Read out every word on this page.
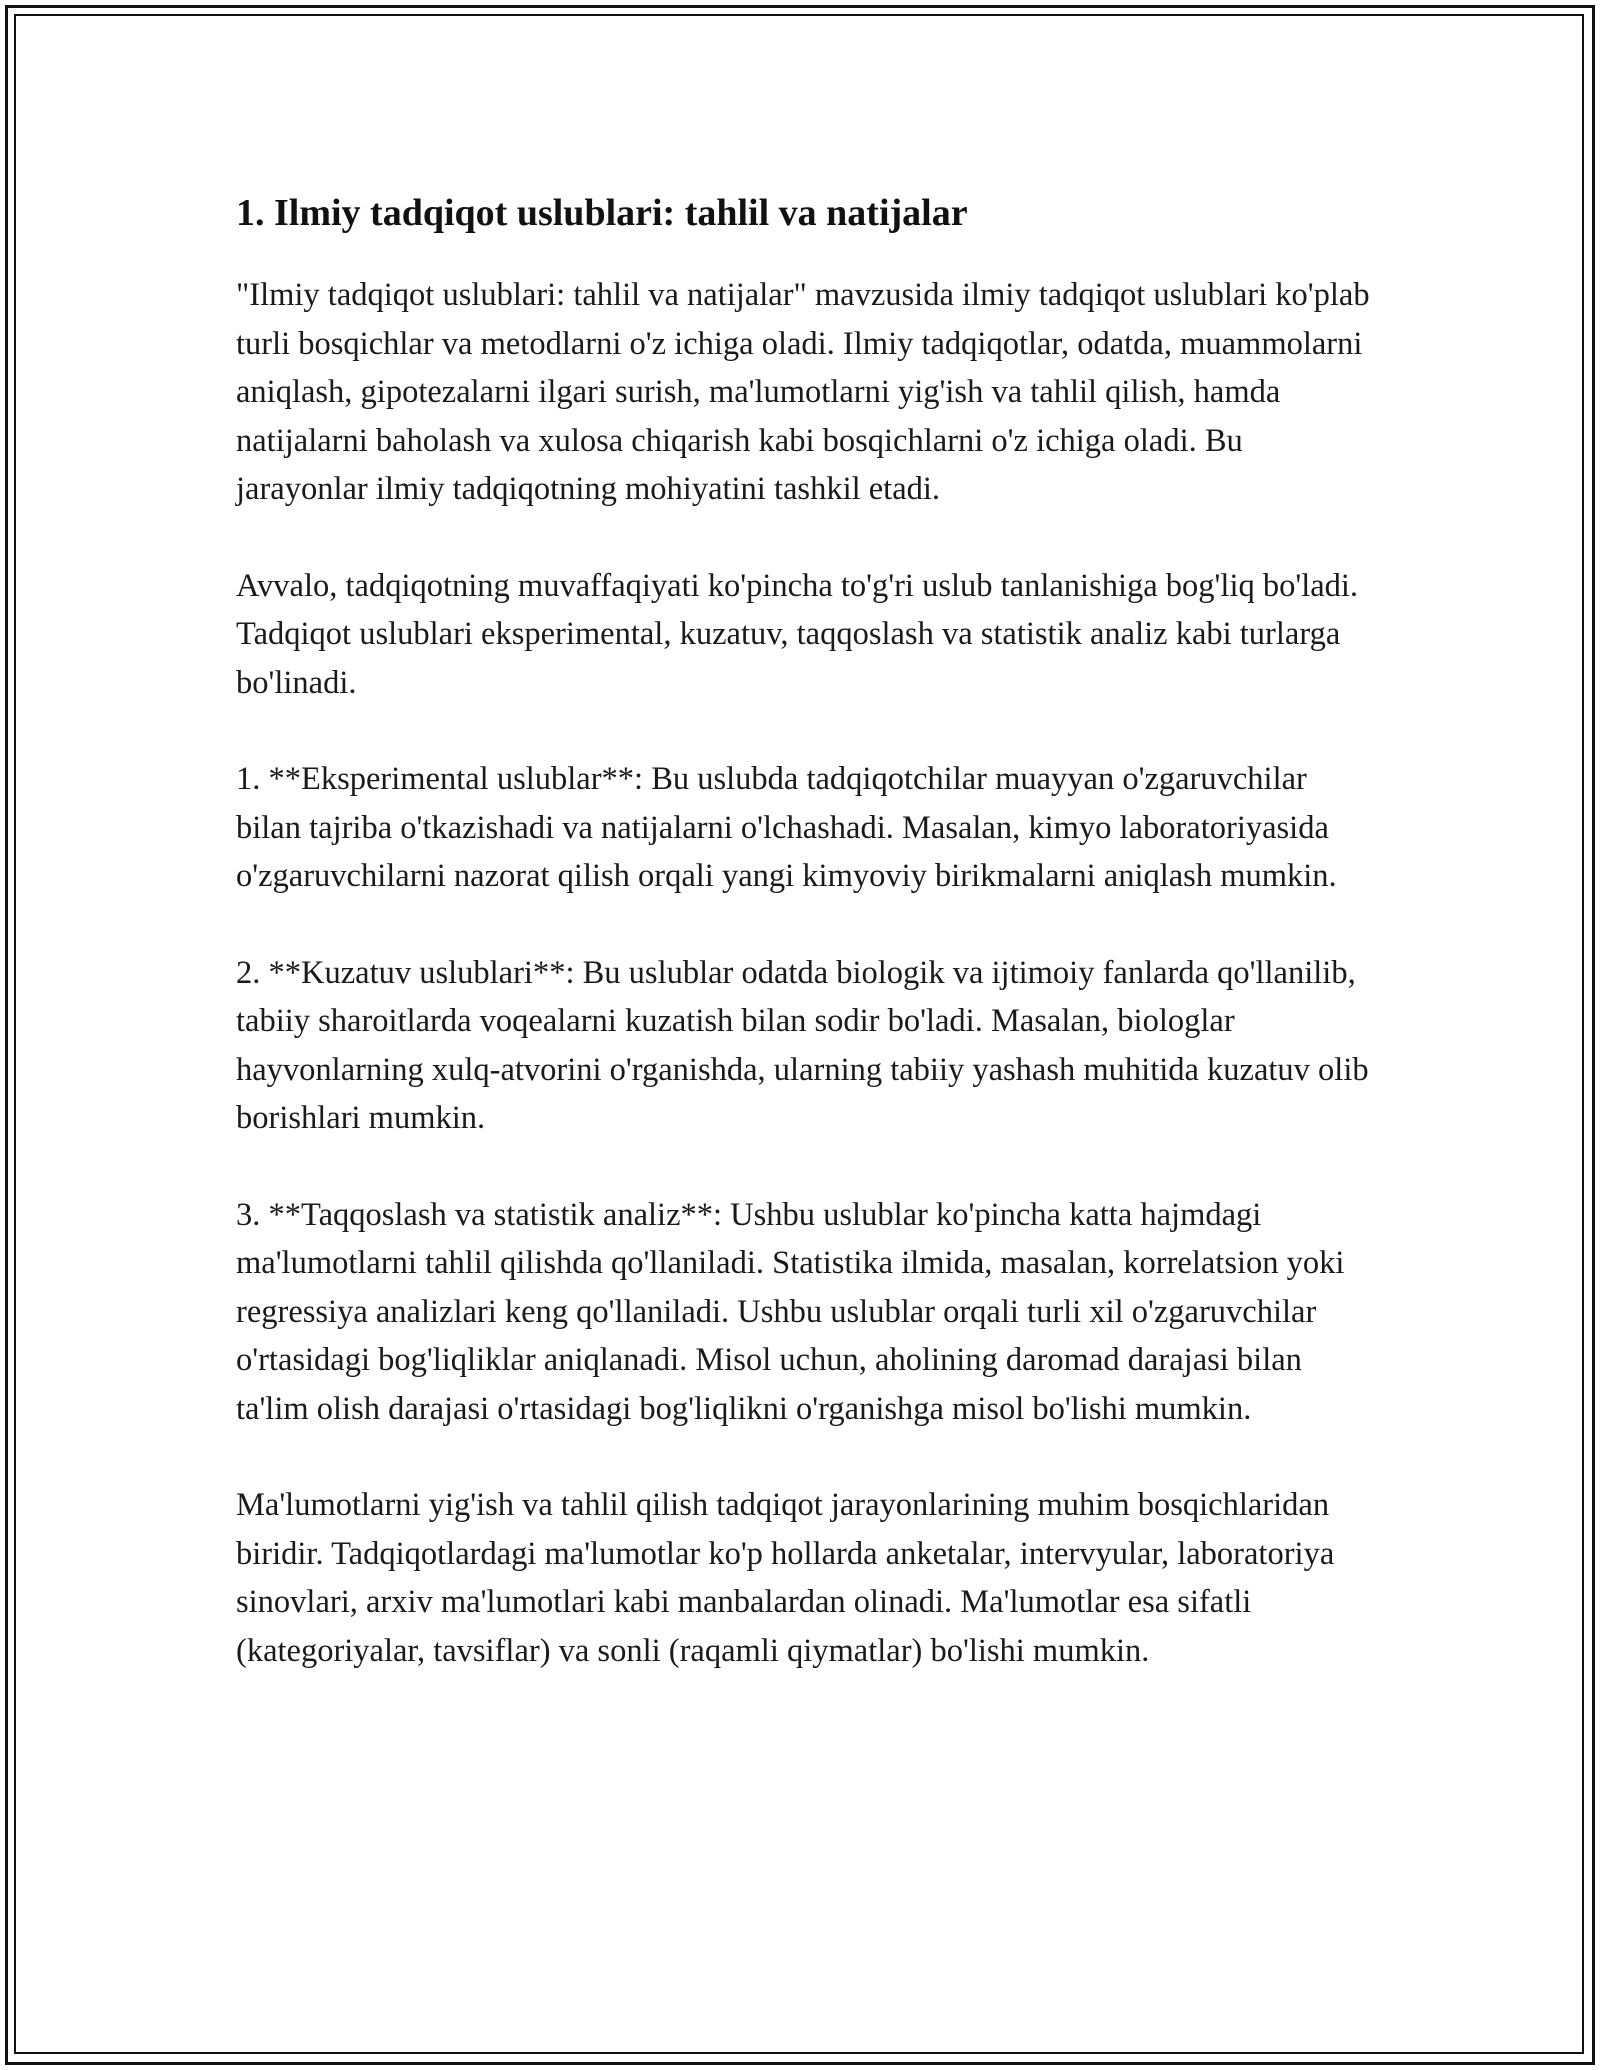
1. Ilmiy tadqiqot uslublari: tahlil va natijalar

"Ilmiy tadqiqot uslublari: tahlil va natijalar" mavzusida ilmiy tadqiqot uslublari ko'plab turli bosqichlar va metodlarni o'z ichiga oladi. Ilmiy tadqiqotlar, odatda, muammolarni aniqlash, gipotezalarni ilgari surish, ma'lumotlarni yig'ish va tahlil qilish, hamda natijalarni baholash va xulosa chiqarish kabi bosqichlarni o'z ichiga oladi. Bu jarayonlar ilmiy tadqiqotning mohiyatini tashkil etadi.

Avvalo, tadqiqotning muvaffaqiyati ko'pincha to'g'ri uslub tanlanishiga bog'liq bo'ladi. Tadqiqot uslublari eksperimental, kuzatuv, taqqoslash va statistik analiz kabi turlarga bo'linadi.

1. **Eksperimental uslublar**: Bu uslubda tadqiqotchilar muayyan o'zgaruvchilar bilan tajriba o'tkazishadi va natijalarni o'lchashadi. Masalan, kimyo laboratoriyasida o'zgaruvchilarni nazorat qilish orqali yangi kimyoviy birikmalarni aniqlash mumkin.

2. **Kuzatuv uslublari**: Bu uslublar odatda biologik va ijtimoiy fanlarda qo'llanilib, tabiiy sharoitlarda voqealarni kuzatish bilan sodir bo'ladi. Masalan, biologlar hayvonlarning xulq-atvorini o'rganishda, ularning tabiiy yashash muhitida kuzatuv olib borishlari mumkin.

3. **Taqqoslash va statistik analiz**: Ushbu uslublar ko'pincha katta hajmdagi ma'lumotlarni tahlil qilishda qo'llaniladi. Statistika ilmida, masalan, korrelatsion yoki regressiya analizlari keng qo'llaniladi. Ushbu uslublar orqali turli xil o'zgaruvchilar o'rtasidagi bog'liqliklar aniqlanadi. Misol uchun, aholining daromad darajasi bilan ta'lim olish darajasi o'rtasidagi bog'liqlikni o'rganishga misol bo'lishi mumkin.

Ma'lumotlarni yig'ish va tahlil qilish tadqiqot jarayonlarining muhim bosqichlaridan biridir. Tadqiqotlardagi ma'lumotlar ko'p hollarda anketalar, intervyular, laboratoriya sinovlari, arxiv ma'lumotlari kabi manbalardan olinadi. Ma'lumotlar esa sifatli (kategoriyalar, tavsiflar) va sonli (raqamli qiymatlar) bo'lishi mumkin.
